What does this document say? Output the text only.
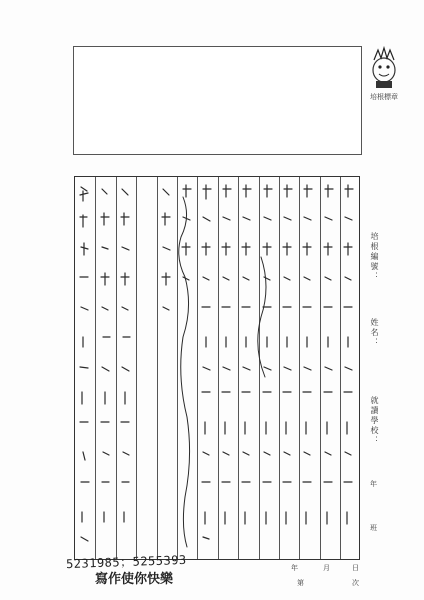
培根標章
培根編號：
姓名：
就讀學校：
年
班
年	月	日
第	次
5231985；5255393
寫作使你快樂
